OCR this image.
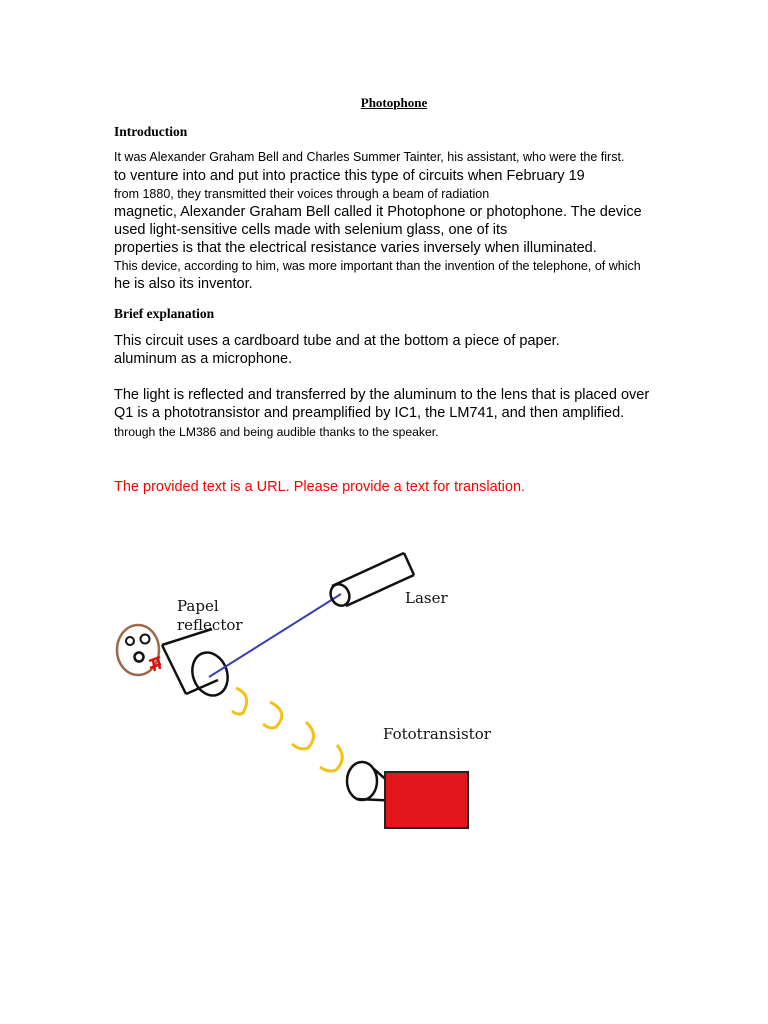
Photophone
Introduction
It was Alexander Graham Bell and Charles Summer Tainter, his assistant, who were the first.
to venture into and put into practice this type of circuits when February 19
from 1880, they transmitted their voices through a beam of radiation
magnetic, Alexander Graham Bell called it Photophone or photophone. The device
used light-sensitive cells made with selenium glass, one of its
properties is that the electrical resistance varies inversely when illuminated.
This device, according to him, was more important than the invention of the telephone, of which
he is also its inventor.
Brief explanation
This circuit uses a cardboard tube and at the bottom a piece of paper.
aluminum as a microphone.
The light is reflected and transferred by the aluminum to the lens that is placed over
Q1 is a phototransistor and preamplified by IC1, the LM741, and then amplified.
through the LM386 and being audible thanks to the speaker.
The provided text is a URL. Please provide a text for translation.
Papel
reflector
Laser
Fototransistor
